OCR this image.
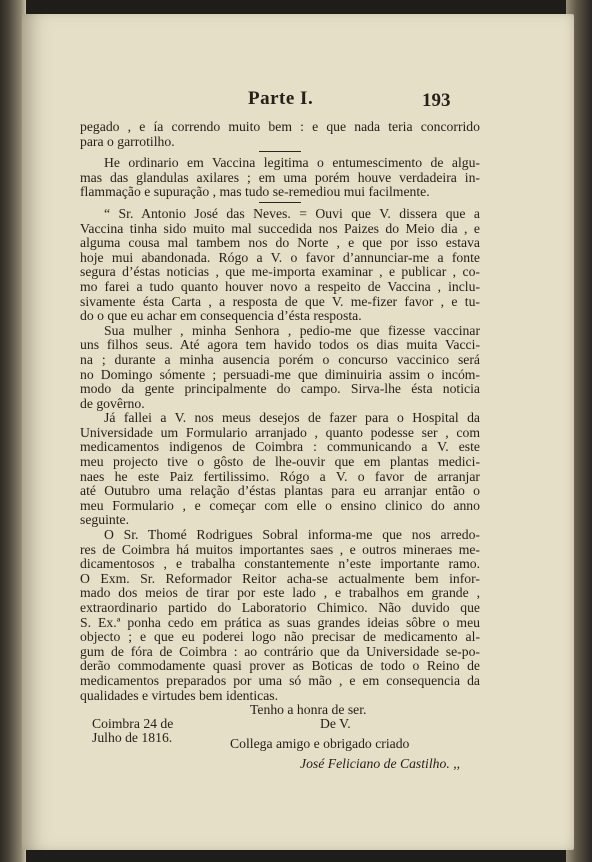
Parte I.	193
pegado , e ía correndo muito bem : e que nada teria concorrido
para o garrotilho.
He ordinario em Vaccina legitima o entumescimento de algu-
mas das glandulas axilares ; em uma porém houve verdadeira in-
flammação e supuração , mas tudo se-remediou mui facilmente.
“ Sr. Antonio José das Neves. = Ouvi que V. dissera que a
Vaccina tinha sido muito mal succedida nos Paizes do Meio dia , e
alguma cousa mal tambem nos do Norte , e que por isso estava
hoje mui abandonada. Rógo a V. o favor d’annunciar-me a fonte
segura d’éstas noticias , que me-importa examinar , e publicar , co-
mo farei a tudo quanto houver novo a respeito de Vaccina , inclu-
sivamente ésta Carta , a resposta de que V. me-fizer favor , e tu-
do o que eu achar em consequencia d’ésta resposta.
Sua mulher , minha Senhora , pedio-me que fizesse vaccinar
uns filhos seus. Até agora tem havido todos os dias muita Vacci-
na ; durante a minha ausencia porém o concurso vaccinico será
no Domingo sómente ; persuadi-me que diminuiria assim o incóm-
modo da gente principalmente do campo. Sirva-lhe ésta noticia
de govêrno.
Já fallei a V. nos meus desejos de fazer para o Hospital da
Universidade um Formulario arranjado , quanto podesse ser , com
medicamentos indigenos de Coimbra : communicando a V. este
meu projecto tive o gôsto de lhe-ouvir que em plantas medici-
naes he este Paiz fertilissimo. Rógo a V. o favor de arranjar
até Outubro uma relação d’éstas plantas para eu arranjar então o
meu Formulario , e começar com elle o ensino clinico do anno
seguinte.
O Sr. Thomé Rodrigues Sobral informa-me que nos arredo-
res de Coimbra há muitos importantes saes , e outros mineraes me-
dicamentosos , e trabalha constantemente n’este importante ramo.
O Exm. Sr. Reformador Reitor acha-se actualmente bem infor-
mado dos meios de tirar por este lado , e trabalhos em grande ,
extraordinario partido do Laboratorio Chimico. Não duvido que
S. Ex.ª ponha cedo em prática as suas grandes ideias sôbre o meu
objecto ; e que eu poderei logo não precisar de medicamento al-
gum de fóra de Coimbra : ao contrário que da Universidade se-po-
derão commodamente quasi prover as Boticas de todo o Reino de
medicamentos preparados por uma só mão , e em consequencia da
qualidades e virtudes bem identicas.
Tenho a honra de ser.
Coimbra 24 de	De V.
Julho de 1816.	Collega amigo e obrigado criado
José Feliciano de Castilho. ,,
